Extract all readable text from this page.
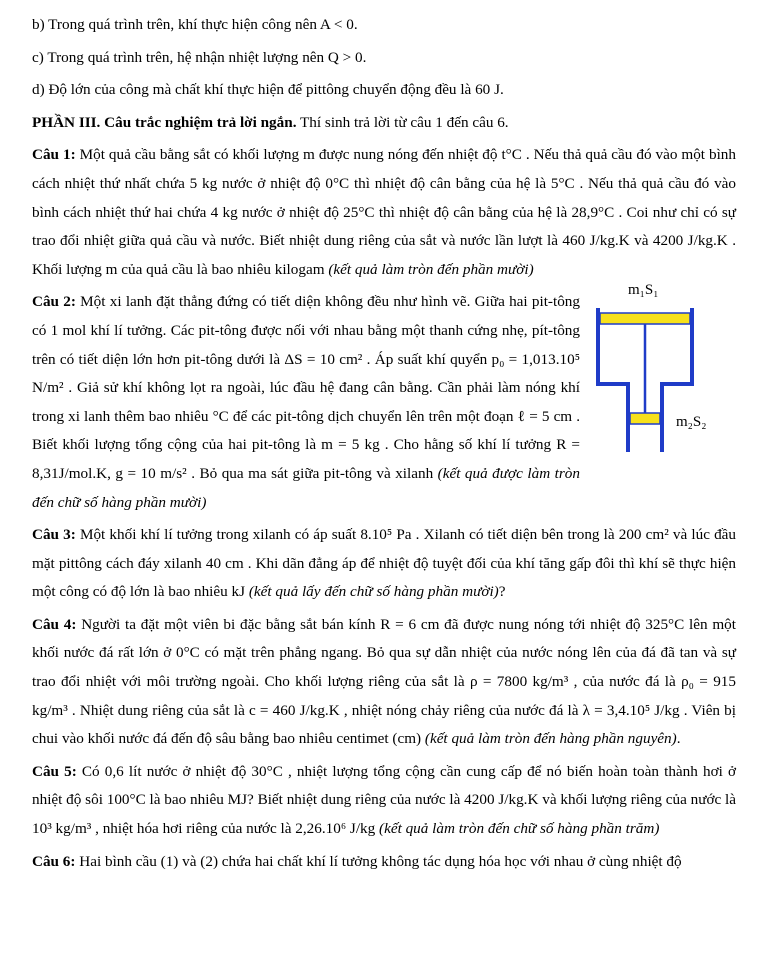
b) Trong quá trình trên, khí thực hiện công nên A < 0.

c) Trong quá trình trên, hệ nhận nhiệt lượng nên Q > 0.

d) Độ lớn của công mà chất khí thực hiện để pittông chuyển động đều là 60 J.

PHẦN III. Câu trắc nghiệm trả lời ngắn. Thí sinh trả lời từ câu 1 đến câu 6.

Câu 1: Một quả cầu bằng sắt có khối lượng m được nung nóng đến nhiệt độ t°C . Nếu thả quả cầu đó vào một bình cách nhiệt thứ nhất chứa 5 kg nước ở nhiệt độ 0°C thì nhiệt độ cân bằng của hệ là 5°C . Nếu thả quả cầu đó vào bình cách nhiệt thứ hai chứa 4 kg nước ở nhiệt độ 25°C thì nhiệt độ cân bằng của hệ là 28,9°C . Coi như chỉ có sự trao đổi nhiệt giữa quả cầu và nước. Biết nhiệt dung riêng của sắt và nước lần lượt là 460 J/kg.K và 4200 J/kg.K . Khối lượng m của quả cầu là bao nhiêu kilogam (kết quả làm tròn đến phần mười)

m₁S₁
m₂S₂
Câu 2: Một xi lanh đặt thẳng đứng có tiết diện không đều như hình vẽ. Giữa hai pit-tông có 1 mol khí lí tưởng. Các pit-tông được nối với nhau bằng một thanh cứng nhẹ, pít-tông trên có tiết diện lớn hơn pit-tông dưới là ΔS = 10 cm² . Áp suất khí quyển p₀ = 1,013.10⁵ N/m² . Giả sử khí không lọt ra ngoài, lúc đầu hệ đang cân bằng. Cần phải làm nóng khí trong xi lanh thêm bao nhiêu °C để các pit-tông dịch chuyển lên trên một đoạn ℓ = 5 cm . Biết khối lượng tổng cộng của hai pit-tông là m = 5 kg . Cho hằng số khí lí tưởng R = 8,31J/mol.K, g = 10 m/s² . Bỏ qua ma sát giữa pit-tông và xilanh (kết quả được làm tròn đến chữ số hàng phần mười)

Câu 3: Một khối khí lí tưởng trong xilanh có áp suất 8.10⁵ Pa . Xilanh có tiết diện bên trong là 200 cm² và lúc đầu mặt pittông cách đáy xilanh 40 cm . Khi dãn đẳng áp để nhiệt độ tuyệt đối của khí tăng gấp đôi thì khí sẽ thực hiện một công có độ lớn là bao nhiêu kJ (kết quả lấy đến chữ số hàng phần mười)?

Câu 4: Người ta đặt một viên bi đặc bằng sắt bán kính R = 6 cm đã được nung nóng tới nhiệt độ 325°C lên một khối nước đá rất lớn ở 0°C có mặt trên phẳng ngang. Bỏ qua sự dẫn nhiệt của nước nóng lên của đá đã tan và sự trao đổi nhiệt với môi trường ngoài. Cho khối lượng riêng của sắt là ρ = 7800 kg/m³ , của nước đá là ρ₀ = 915 kg/m³ . Nhiệt dung riêng của sắt là c = 460 J/kg.K , nhiệt nóng chảy riêng của nước đá là λ = 3,4.10⁵ J/kg . Viên bị chui vào khối nước đá đến độ sâu bằng bao nhiêu centimet (cm) (kết quả làm tròn đến hàng phần nguyên).

Câu 5: Có 0,6 lít nước ở nhiệt độ 30°C , nhiệt lượng tổng cộng cần cung cấp để nó biến hoàn toàn thành hơi ở nhiệt độ sôi 100°C là bao nhiêu MJ? Biết nhiệt dung riêng của nước là 4200 J/kg.K và khối lượng riêng của nước là 10³ kg/m³ , nhiệt hóa hơi riêng của nước là 2,26.10⁶ J/kg (kết quả làm tròn đến chữ số hàng phần trăm)

Câu 6: Hai bình cầu (1) và (2) chứa hai chất khí lí tưởng không tác dụng hóa học với nhau ở cùng nhiệt độ
